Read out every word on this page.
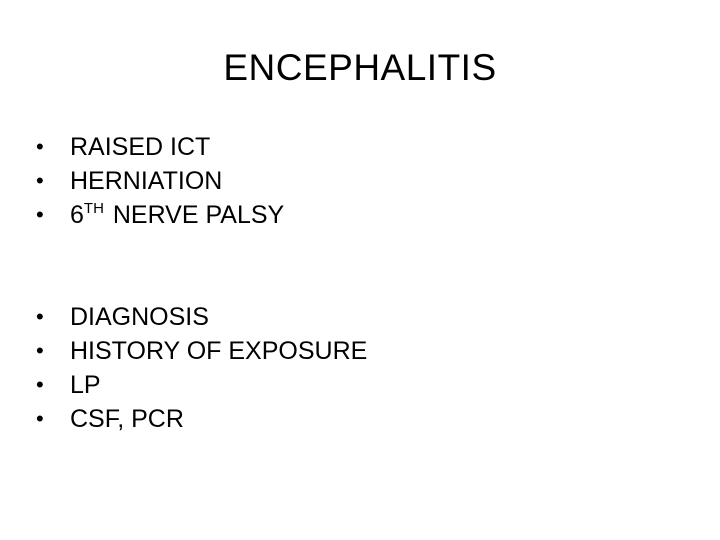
ENCEPHALITIS
• RAISED ICT
• HERNIATION
• 6TH NERVE PALSY
• DIAGNOSIS
• HISTORY OF EXPOSURE
• LP
• CSF, PCR
